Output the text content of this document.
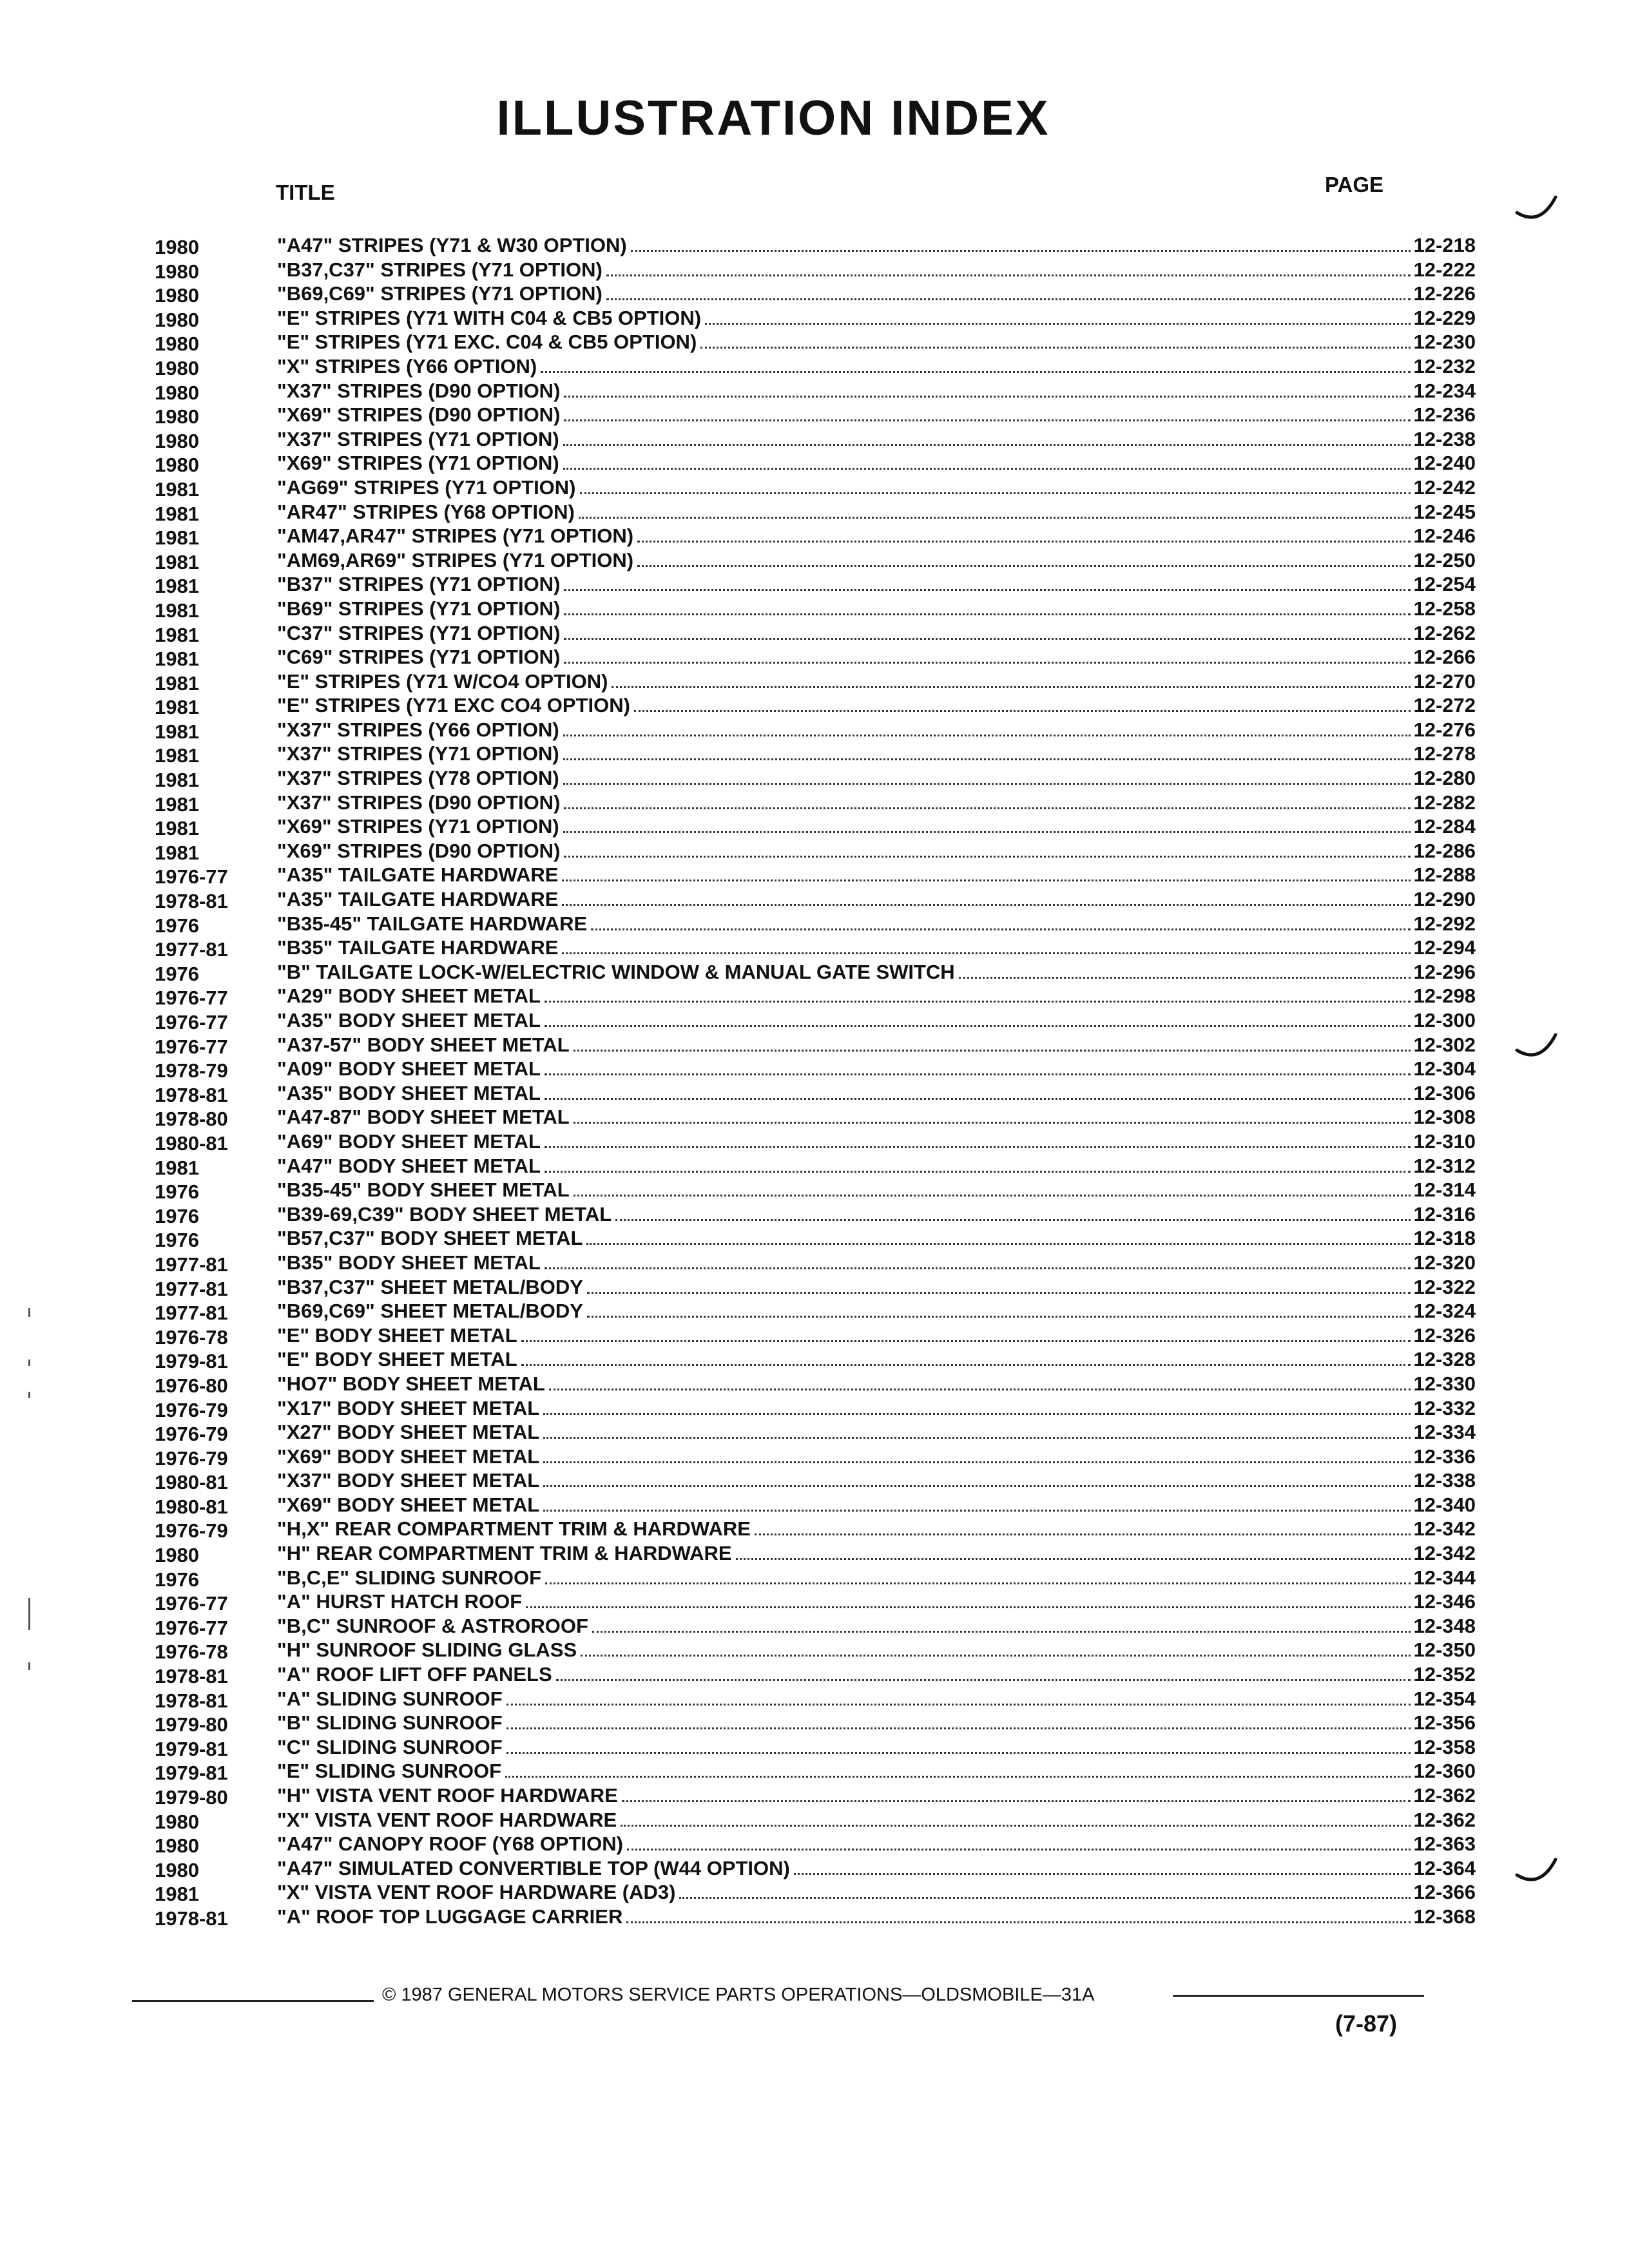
ILLUSTRATION INDEX
TITLE	PAGE
1980	"A47" STRIPES (Y71 & W30 OPTION)	12-218
1980	"B37,C37" STRIPES (Y71 OPTION)	12-222
1980	"B69,C69" STRIPES (Y71 OPTION)	12-226
1980	"E" STRIPES (Y71 WITH C04 & CB5 OPTION)	12-229
1980	"E" STRIPES (Y71 EXC. C04 & CB5 OPTION)	12-230
1980	"X" STRIPES (Y66 OPTION)	12-232
1980	"X37" STRIPES (D90 OPTION)	12-234
1980	"X69" STRIPES (D90 OPTION)	12-236
1980	"X37" STRIPES (Y71 OPTION)	12-238
1980	"X69" STRIPES (Y71 OPTION)	12-240
1981	"AG69" STRIPES (Y71 OPTION)	12-242
1981	"AR47" STRIPES (Y68 OPTION)	12-245
1981	"AM47,AR47" STRIPES (Y71 OPTION)	12-246
1981	"AM69,AR69" STRIPES (Y71 OPTION)	12-250
1981	"B37" STRIPES (Y71 OPTION)	12-254
1981	"B69" STRIPES (Y71 OPTION)	12-258
1981	"C37" STRIPES (Y71 OPTION)	12-262
1981	"C69" STRIPES (Y71 OPTION)	12-266
1981	"E" STRIPES (Y71 W/CO4 OPTION)	12-270
1981	"E" STRIPES (Y71 EXC CO4 OPTION)	12-272
1981	"X37" STRIPES (Y66 OPTION)	12-276
1981	"X37" STRIPES (Y71 OPTION)	12-278
1981	"X37" STRIPES (Y78 OPTION)	12-280
1981	"X37" STRIPES (D90 OPTION)	12-282
1981	"X69" STRIPES (Y71 OPTION)	12-284
1981	"X69" STRIPES (D90 OPTION)	12-286
1976-77	"A35" TAILGATE HARDWARE	12-288
1978-81	"A35" TAILGATE HARDWARE	12-290
1976	"B35-45" TAILGATE HARDWARE	12-292
1977-81	"B35" TAILGATE HARDWARE	12-294
1976	"B" TAILGATE LOCK-W/ELECTRIC WINDOW & MANUAL GATE SWITCH	12-296
1976-77	"A29" BODY SHEET METAL	12-298
1976-77	"A35" BODY SHEET METAL	12-300
1976-77	"A37-57" BODY SHEET METAL	12-302
1978-79	"A09" BODY SHEET METAL	12-304
1978-81	"A35" BODY SHEET METAL	12-306
1978-80	"A47-87" BODY SHEET METAL	12-308
1980-81	"A69" BODY SHEET METAL	12-310
1981	"A47" BODY SHEET METAL	12-312
1976	"B35-45" BODY SHEET METAL	12-314
1976	"B39-69,C39" BODY SHEET METAL	12-316
1976	"B57,C37" BODY SHEET METAL	12-318
1977-81	"B35" BODY SHEET METAL	12-320
1977-81	"B37,C37" SHEET METAL/BODY	12-322
1977-81	"B69,C69" SHEET METAL/BODY	12-324
1976-78	"E" BODY SHEET METAL	12-326
1979-81	"E" BODY SHEET METAL	12-328
1976-80	"HO7" BODY SHEET METAL	12-330
1976-79	"X17" BODY SHEET METAL	12-332
1976-79	"X27" BODY SHEET METAL	12-334
1976-79	"X69" BODY SHEET METAL	12-336
1980-81	"X37" BODY SHEET METAL	12-338
1980-81	"X69" BODY SHEET METAL	12-340
1976-79	"H,X" REAR COMPARTMENT TRIM & HARDWARE	12-342
1980	"H" REAR COMPARTMENT TRIM & HARDWARE	12-342
1976	"B,C,E" SLIDING SUNROOF	12-344
1976-77	"A" HURST HATCH ROOF	12-346
1976-77	"B,C" SUNROOF & ASTROROOF	12-348
1976-78	"H" SUNROOF SLIDING GLASS	12-350
1978-81	"A" ROOF LIFT OFF PANELS	12-352
1978-81	"A" SLIDING SUNROOF	12-354
1979-80	"B" SLIDING SUNROOF	12-356
1979-81	"C" SLIDING SUNROOF	12-358
1979-81	"E" SLIDING SUNROOF	12-360
1979-80	"H" VISTA VENT ROOF HARDWARE	12-362
1980	"X" VISTA VENT ROOF HARDWARE	12-362
1980	"A47" CANOPY ROOF (Y68 OPTION)	12-363
1980	"A47" SIMULATED CONVERTIBLE TOP (W44 OPTION)	12-364
1981	"X" VISTA VENT ROOF HARDWARE (AD3)	12-366
1978-81	"A" ROOF TOP LUGGAGE CARRIER	12-368
© 1987 GENERAL MOTORS SERVICE PARTS OPERATIONS—OLDSMOBILE—31A
(7-87)
